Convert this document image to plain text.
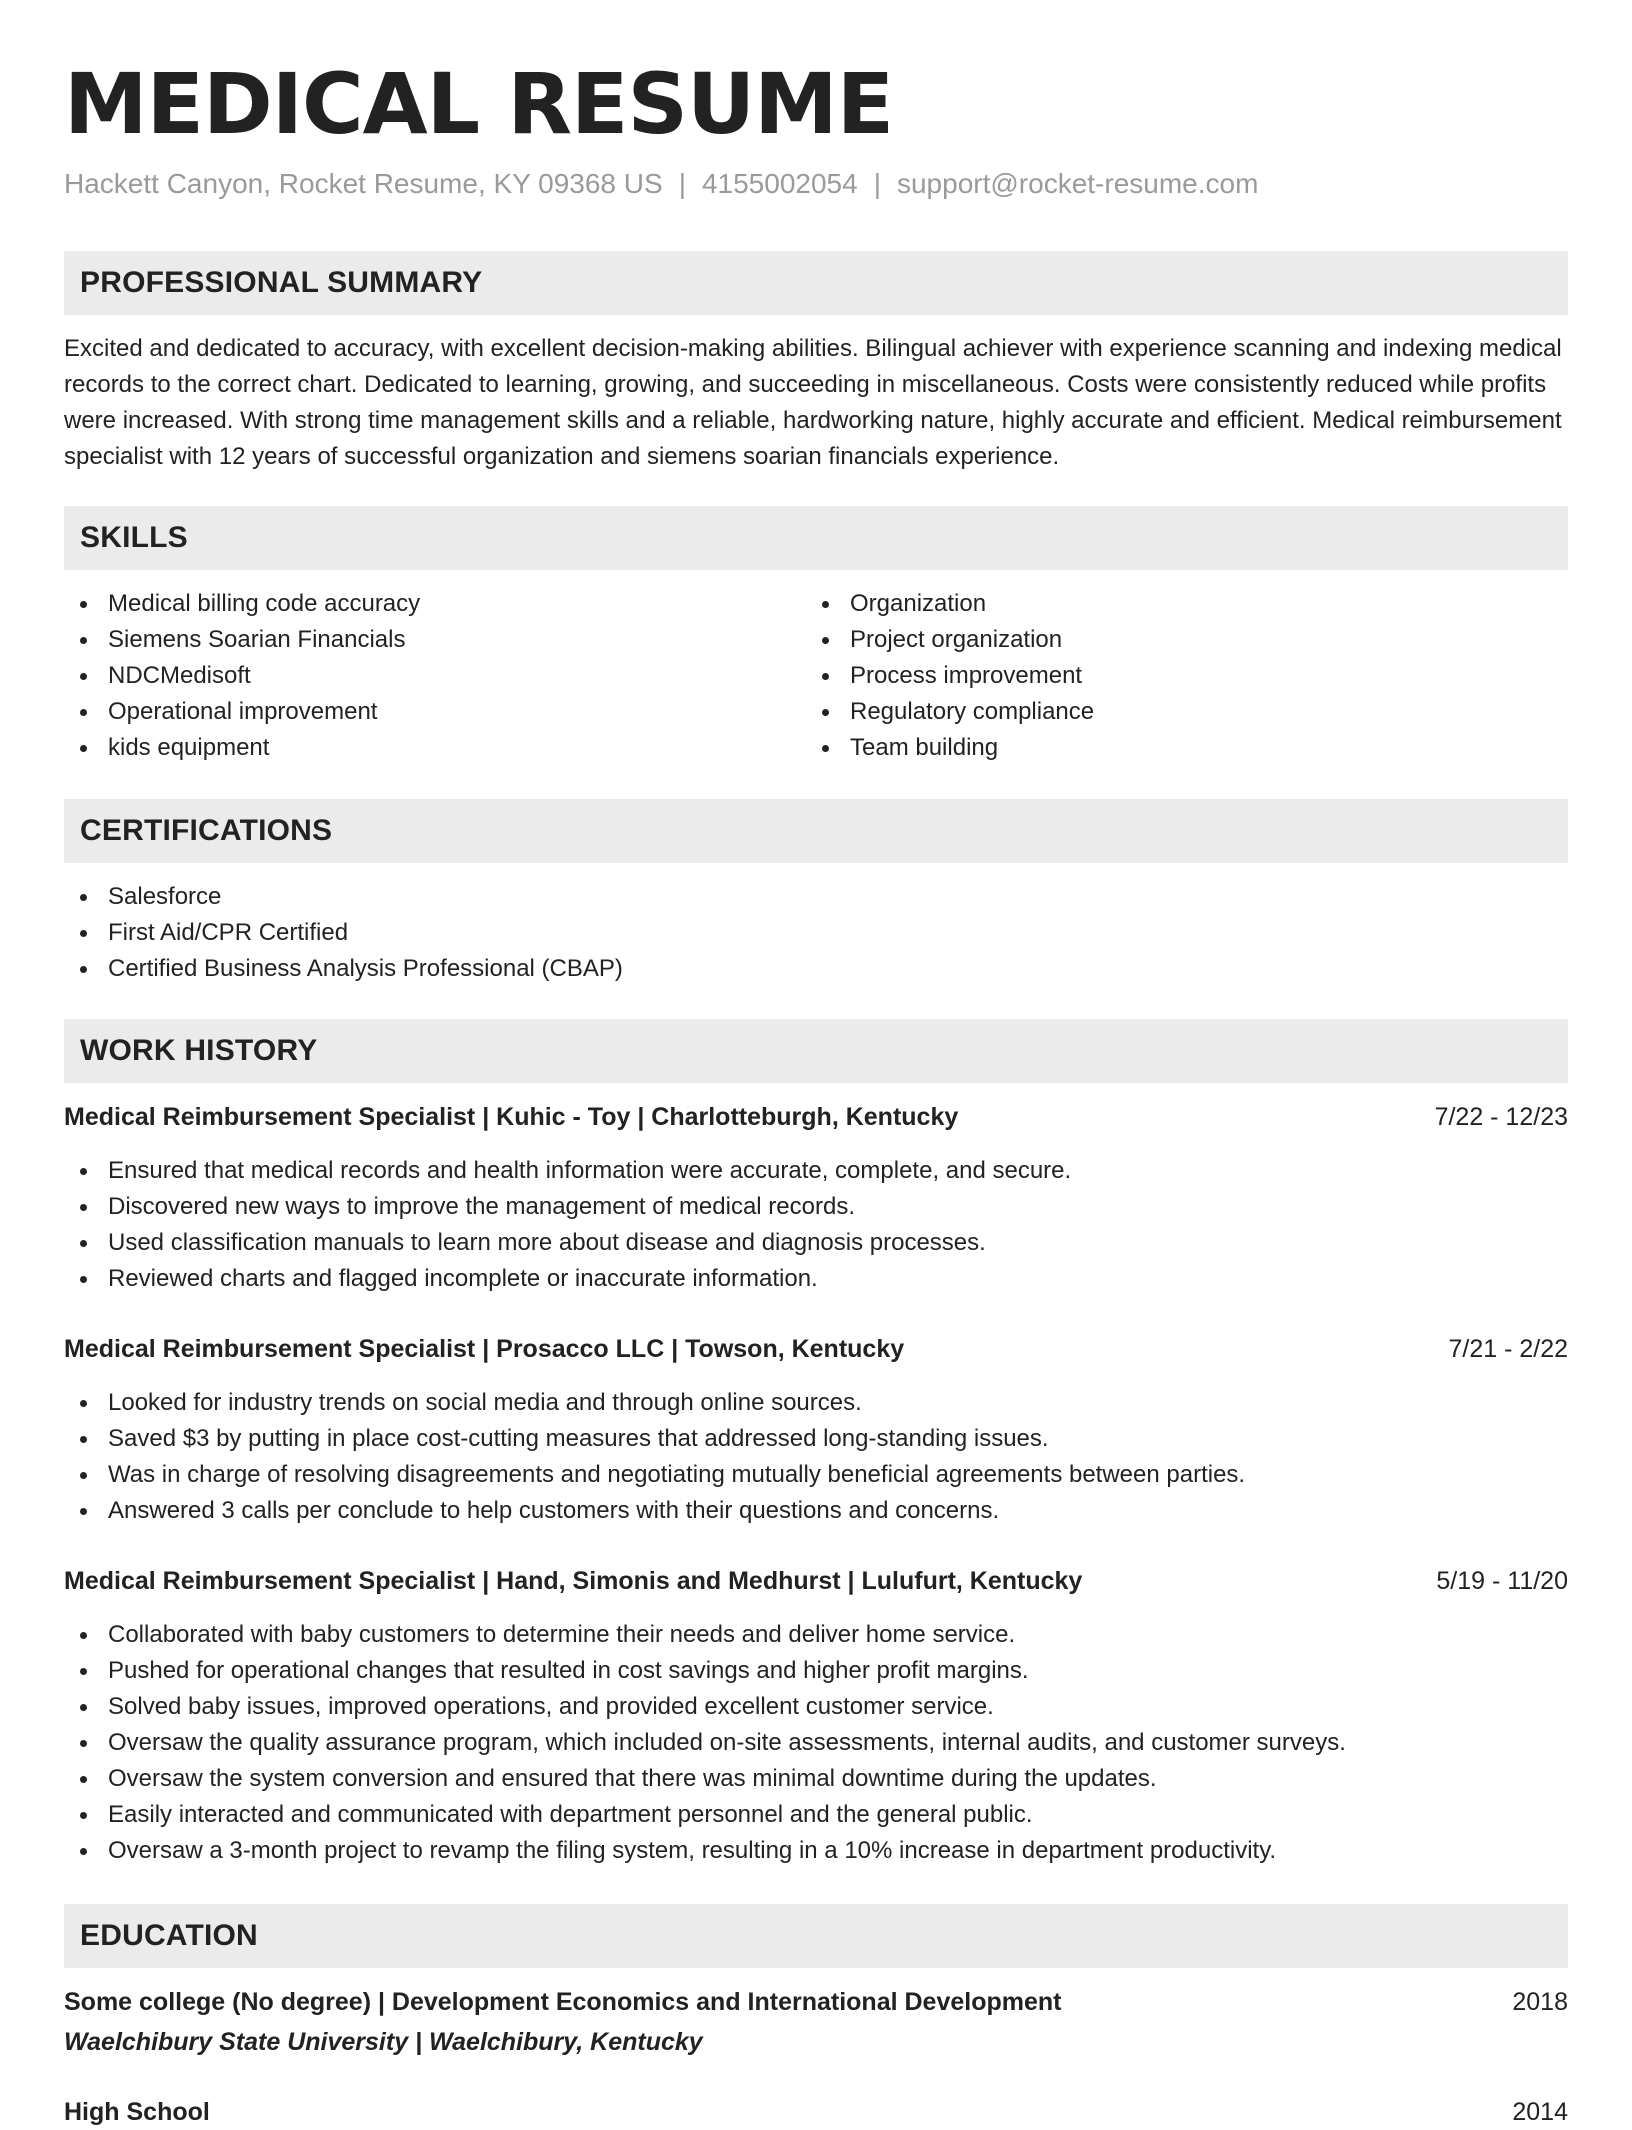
MEDICAL RESUME
Hackett Canyon, Rocket Resume, KY 09368 US | 4155002054 | support@rocket-resume.com
PROFESSIONAL SUMMARY

Excited and dedicated to accuracy, with excellent decision-making abilities. Bilingual achiever with experience scanning and indexing medical records to the correct chart. Dedicated to learning, growing, and succeeding in miscellaneous. Costs were consistently reduced while profits were increased. With strong time management skills and a reliable, hardworking nature, highly accurate and efficient. Medical reimbursement specialist with 12 years of successful organization and siemens soarian financials experience.

SKILLS
Medical billing code accuracy
Siemens Soarian Financials
NDCMedisoft
Operational improvement
kids equipment
Organization
Project organization
Process improvement
Regulatory compliance
Team building
CERTIFICATIONS
Salesforce
First Aid/CPR Certified
Certified Business Analysis Professional (CBAP)
WORK HISTORY
Medical Reimbursement Specialist | Kuhic - Toy | Charlotteburgh, Kentucky	7/22 - 12/23
Ensured that medical records and health information were accurate, complete, and secure.
Discovered new ways to improve the management of medical records.
Used classification manuals to learn more about disease and diagnosis processes.
Reviewed charts and flagged incomplete or inaccurate information.
Medical Reimbursement Specialist | Prosacco LLC | Towson, Kentucky	7/21 - 2/22
Looked for industry trends on social media and through online sources.
Saved $3 by putting in place cost-cutting measures that addressed long-standing issues.
Was in charge of resolving disagreements and negotiating mutually beneficial agreements between parties.
Answered 3 calls per conclude to help customers with their questions and concerns.
Medical Reimbursement Specialist | Hand, Simonis and Medhurst | Lulufurt, Kentucky	5/19 - 11/20
Collaborated with baby customers to determine their needs and deliver home service.
Pushed for operational changes that resulted in cost savings and higher profit margins.
Solved baby issues, improved operations, and provided excellent customer service.
Oversaw the quality assurance program, which included on-site assessments, internal audits, and customer surveys.
Oversaw the system conversion and ensured that there was minimal downtime during the updates.
Easily interacted and communicated with department personnel and the general public.
Oversaw a 3-month project to revamp the filing system, resulting in a 10% increase in department productivity.
EDUCATION
Some college (No degree) | Development Economics and International Development	2018
Waelchibury State University | Waelchibury, Kentucky
High School	2014
